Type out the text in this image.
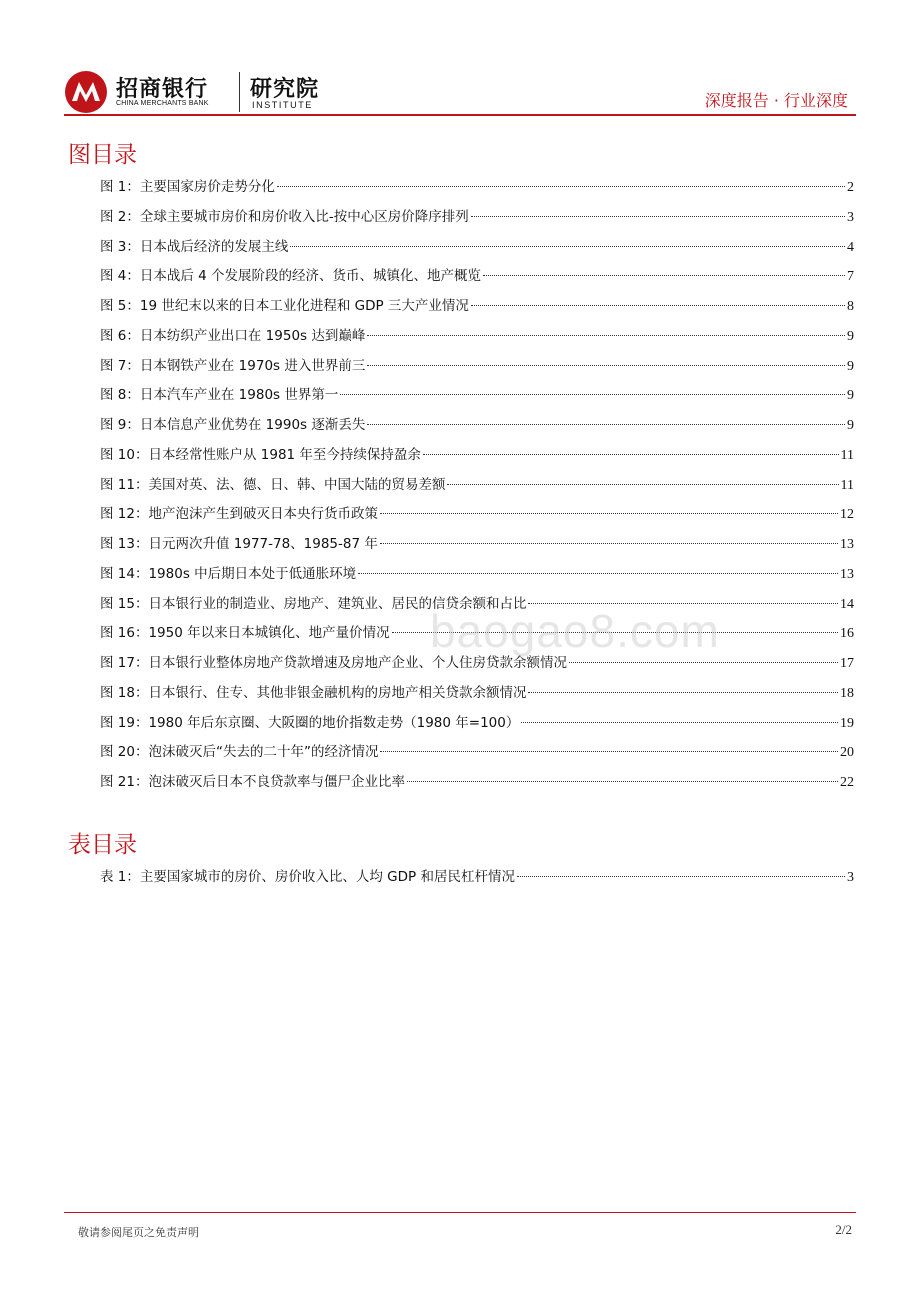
招商银行
CHINA MERCHANTS BANK
研究院
INSTITUTE	深度报告 · 行业深度
图目录
图 1：主要国家房价走势分化	2
图 2：全球主要城市房价和房价收入比-按中心区房价降序排列	3
图 3：日本战后经济的发展主线	4
图 4：日本战后 4 个发展阶段的经济、货币、城镇化、地产概览	7
图 5：19 世纪末以来的日本工业化进程和 GDP 三大产业情况	8
图 6：日本纺织产业出口在 1950s 达到巅峰	9
图 7：日本钢铁产业在 1970s 进入世界前三	9
图 8：日本汽车产业在 1980s 世界第一	9
图 9：日本信息产业优势在 1990s 逐渐丢失	9
图 10：日本经常性账户从 1981 年至今持续保持盈余	11
图 11：美国对英、法、德、日、韩、中国大陆的贸易差额	11
图 12：地产泡沫产生到破灭日本央行货币政策	12
图 13：日元两次升值 1977-78、1985-87 年	13
图 14：1980s 中后期日本处于低通胀环境	13
图 15：日本银行业的制造业、房地产、建筑业、居民的信贷余额和占比	14
图 16：1950 年以来日本城镇化、地产量价情况	16
图 17：日本银行业整体房地产贷款增速及房地产企业、个人住房贷款余额情况	17
图 18：日本银行、住专、其他非银金融机构的房地产相关贷款余额情况	18
图 19：1980 年后东京圈、大阪圈的地价指数走势（1980 年=100）	19
图 20：泡沫破灭后“失去的二十年”的经济情况	20
图 21：泡沫破灭后日本不良贷款率与僵尸企业比率	22
baogao8.com
表目录
表 1：主要国家城市的房价、房价收入比、人均 GDP 和居民杠杆情况	3
敬请参阅尾页之免责声明	2/2
